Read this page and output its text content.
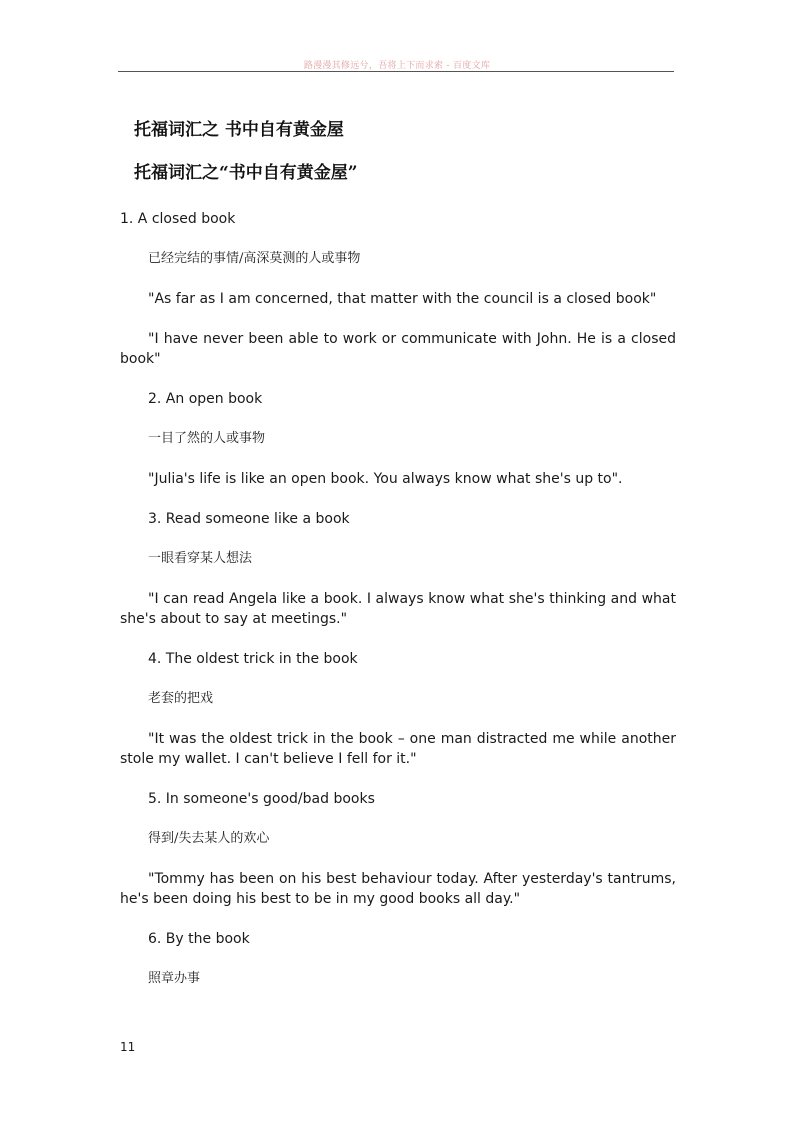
路漫漫其修远兮，吾将上下而求索 - 百度文库
托福词汇之 书中自有黄金屋
托福词汇之“书中自有黄金屋”

1. A closed book

已经完结的事情/高深莫测的人或事物

"As far as I am concerned, that matter with the council is a closed book"

"I have never been able to work or communicate with John. He is a closed book"

2. An open book

一目了然的人或事物

"Julia's life is like an open book. You always know what she's up to".

3. Read someone like a book

一眼看穿某人想法

"I can read Angela like a book. I always know what she's thinking and what she's about to say at meetings."

4. The oldest trick in the book

老套的把戏

"It was the oldest trick in the book – one man distracted me while another stole my wallet. I can't believe I fell for it."

5. In someone's good/bad books

得到/失去某人的欢心

"Tommy has been on his best behaviour today. After yesterday's tantrums, he's been doing his best to be in my good books all day."

6. By the book

照章办事

11
